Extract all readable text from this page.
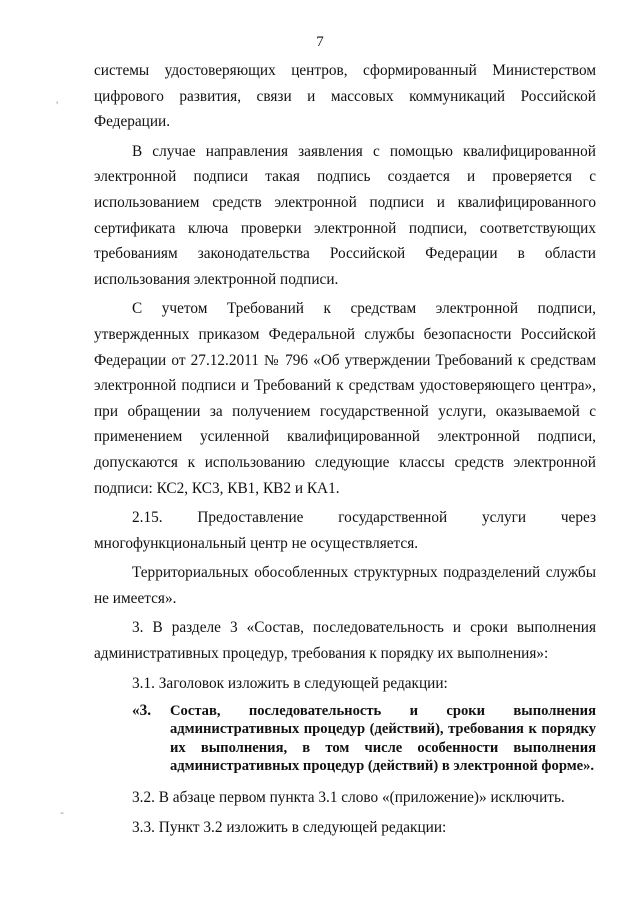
7

системы удостоверяющих центров, сформированный Министерством цифрового развития, связи и массовых коммуникаций Российской Федерации.

В случае направления заявления с помощью квалифицированной электронной подписи такая подпись создается и проверяется с использованием средств электронной подписи и квалифицированного сертификата ключа проверки электронной подписи, соответствующих требованиям законодательства Российской Федерации в области использования электронной подписи.

С учетом Требований к средствам электронной подписи, утвержденных приказом Федеральной службы безопасности Российской Федерации от 27.12.2011 № 796 «Об утверждении Требований к средствам электронной подписи и Требований к средствам удостоверяющего центра», при обращении за получением государственной услуги, оказываемой с применением усиленной квалифицированной электронной подписи, допускаются к использованию следующие классы средств электронной подписи: КС2, КС3, КВ1, КВ2 и КА1.

2.15. Предоставление государственной услуги через

многофункциональный центр не осуществляется.

Территориальных обособленных структурных подразделений службы не имеется».

3. В разделе 3 «Состав, последовательность и сроки выполнения административных процедур, требования к порядку их выполнения»:

3.1. Заголовок изложить в следующей редакции:

«3.	Состав, последовательность и сроки выполнения административных процедур (действий), требования к порядку их выполнения, в том числе особенности выполнения административных процедур (действий) в электронной форме».

3.2. В абзаце первом пункта 3.1 слово «(приложение)» исключить.

3.3. Пункт 3.2 изложить в следующей редакции:

'
-
